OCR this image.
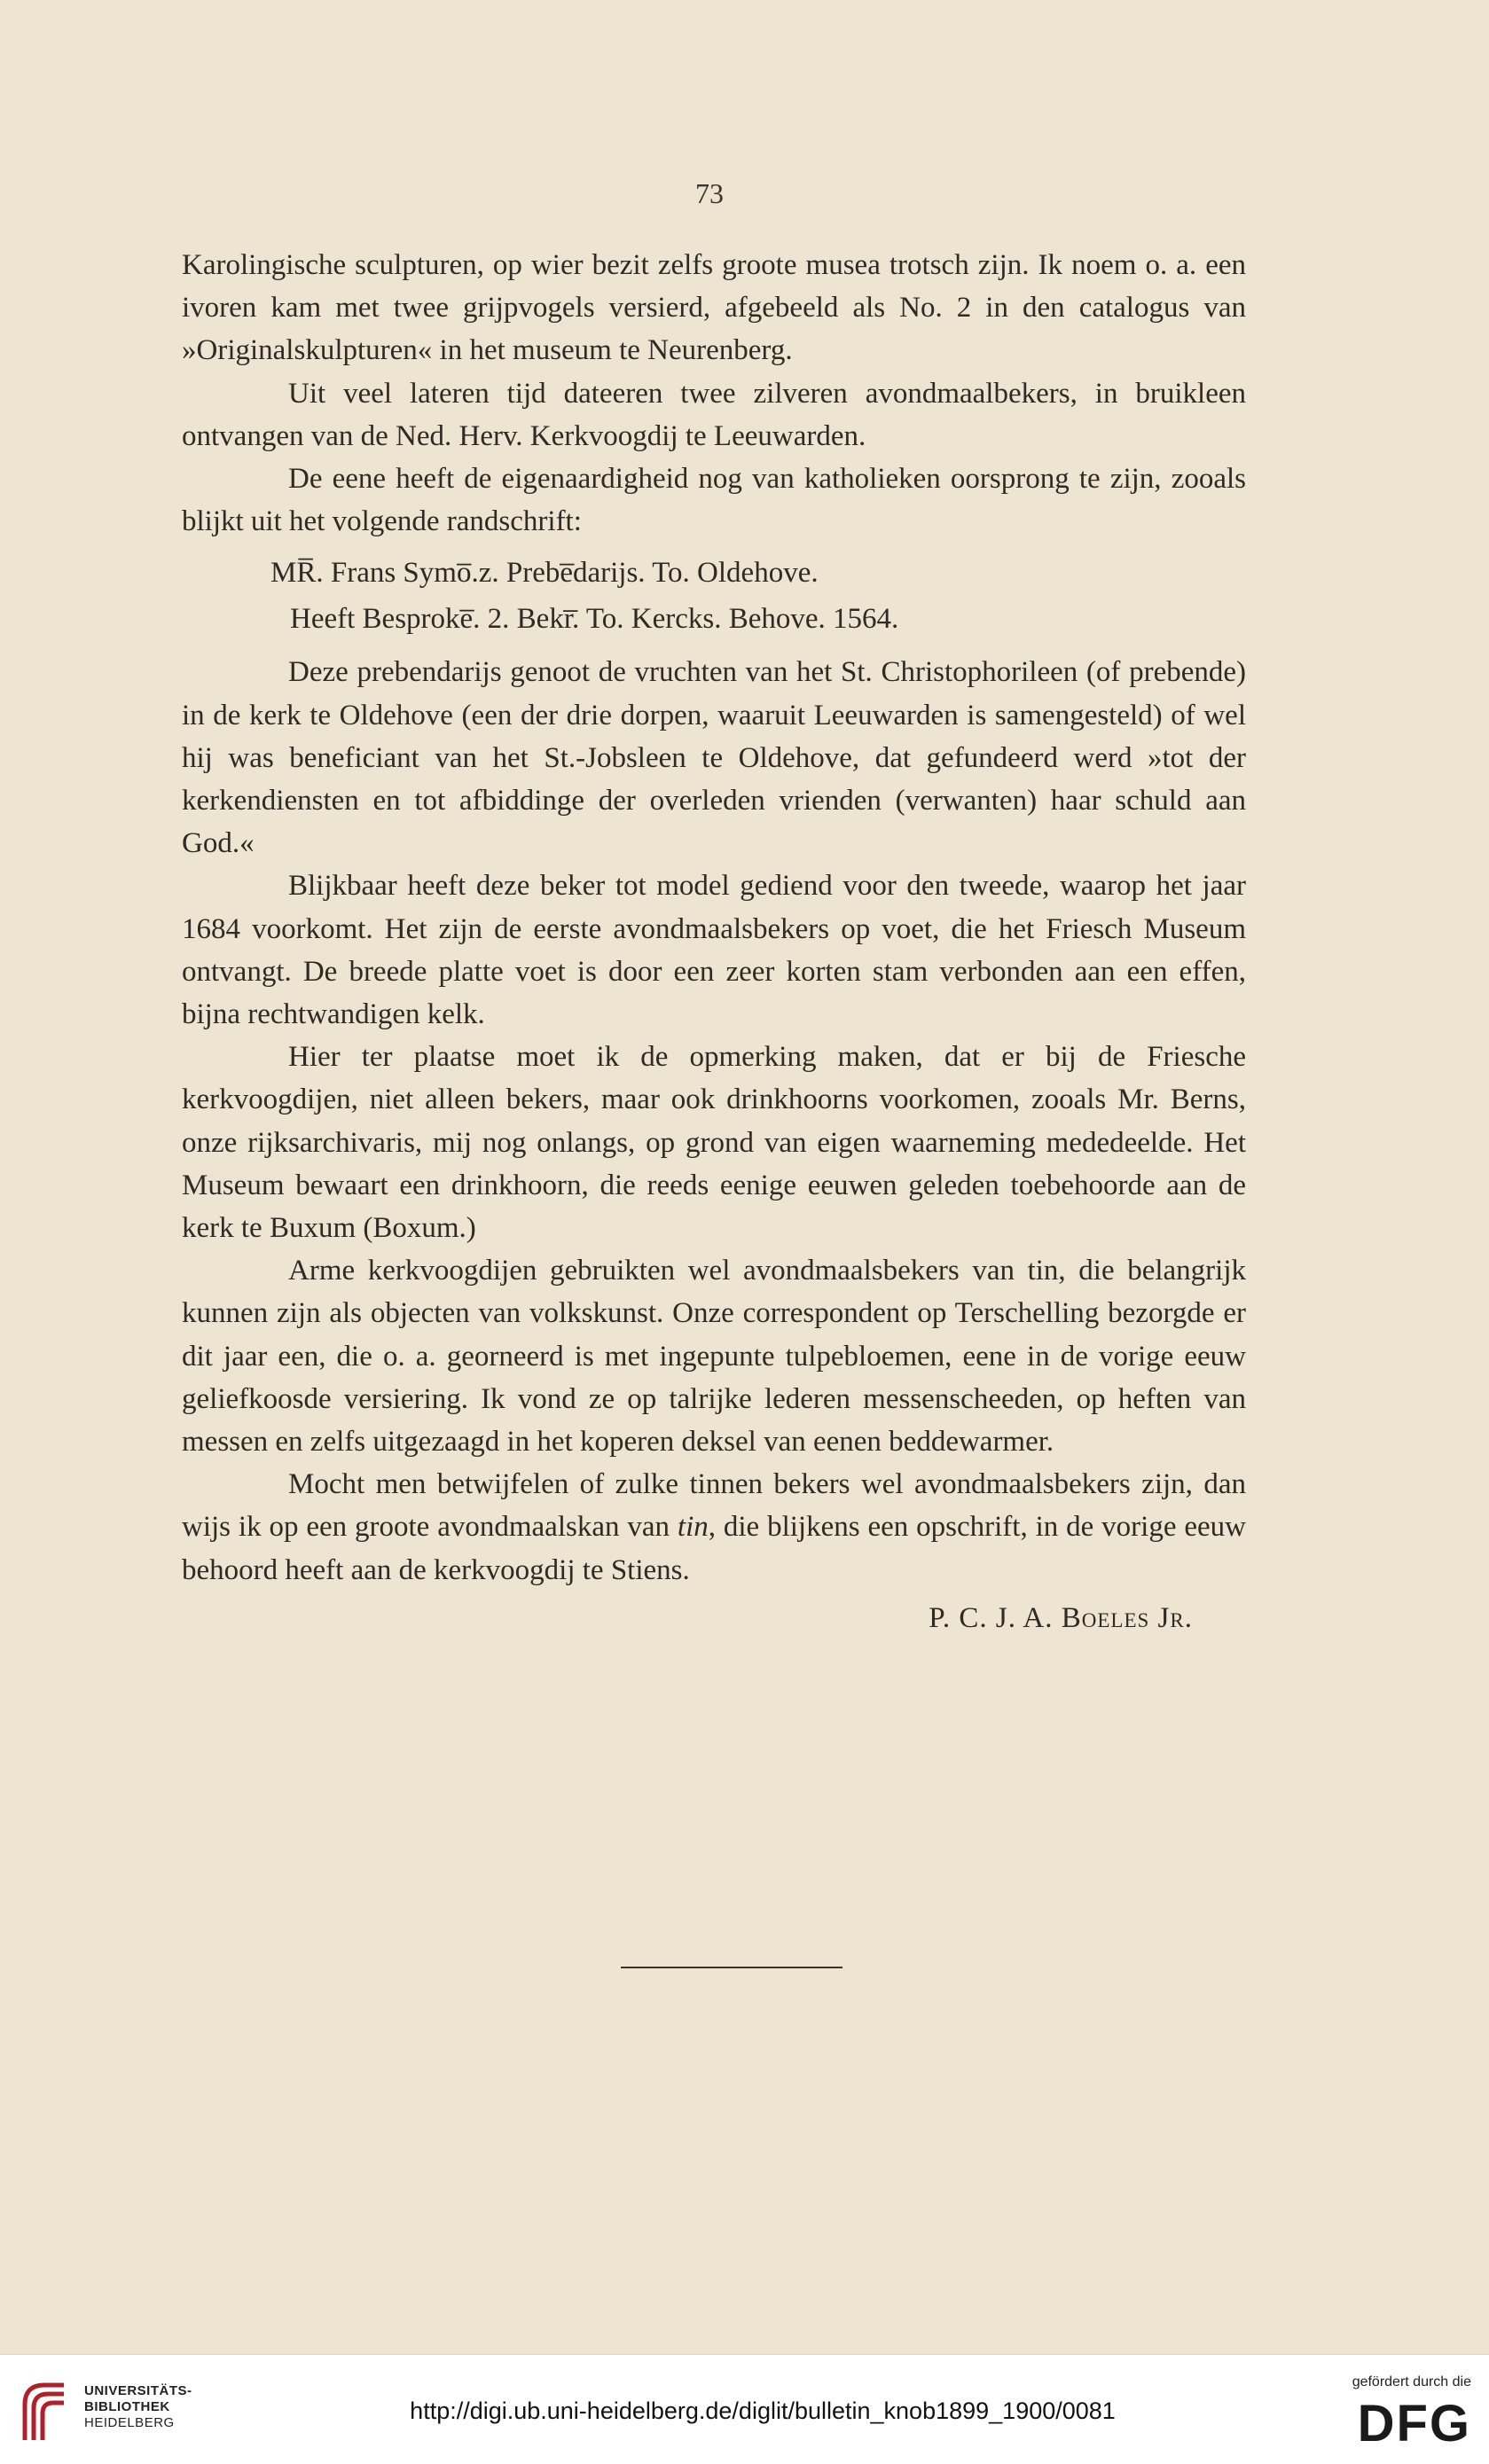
73

Karolingische sculpturen, op wier bezit zelfs groote musea trotsch zijn. Ik noem o. a. een ivoren kam met twee grijpvogels versierd, afgebeeld als No. 2 in den catalogus van »Originalskulpturen« in het museum te Neurenberg.

Uit veel lateren tijd dateeren twee zilveren avondmaalbekers, in bruikleen ontvangen van de Ned. Herv. Kerkvoogdij te Leeuwarden.

De eene heeft de eigenaardigheid nog van katholieken oorsprong te zijn, zooals blijkt uit het volgende randschrift:

MR̅. Frans Symo̅.z. Prebe̅darijs. To. Oldehove.
Heeft Besproke̅. 2. Bekr̅. To. Kercks. Behove. 1564.

Deze prebendarijs genoot de vruchten van het St. Christophorileen (of prebende) in de kerk te Oldehove (een der drie dorpen, waaruit Leeuwarden is samengesteld) of wel hij was beneficiant van het St.-Jobsleen te Oldehove, dat gefundeerd werd »tot der kerkendiensten en tot afbiddinge der overleden vrienden (verwanten) haar schuld aan God.«

Blijkbaar heeft deze beker tot model gediend voor den tweede, waarop het jaar 1684 voorkomt. Het zijn de eerste avondmaalsbekers op voet, die het Friesch Museum ontvangt. De breede platte voet is door een zeer korten stam verbonden aan een effen, bijna rechtwandigen kelk.

Hier ter plaatse moet ik de opmerking maken, dat er bij de Friesche kerkvoogdijen, niet alleen bekers, maar ook drinkhoorns voorkomen, zooals Mr. Berns, onze rijksarchivaris, mij nog onlangs, op grond van eigen waarneming mededeelde. Het Museum bewaart een drinkhoorn, die reeds eenige eeuwen geleden toebehoorde aan de kerk te Buxum (Boxum.)

Arme kerkvoogdijen gebruikten wel avondmaalsbekers van tin, die belangrijk kunnen zijn als objecten van volkskunst. Onze correspondent op Terschelling bezorgde er dit jaar een, die o. a. georneerd is met ingepunte tulpebloemen, eene in de vorige eeuw geliefkoosde versiering. Ik vond ze op talrijke lederen messenscheeden, op heften van messen en zelfs uitgezaagd in het koperen deksel van eenen beddewarmer.

Mocht men betwijfelen of zulke tinnen bekers wel avondmaalsbekers zijn, dan wijs ik op een groote avondmaalskan van tin, die blijkens een opschrift, in de vorige eeuw behoord heeft aan de kerkvoogdij te Stiens.

P. C. J. A. Boeles Jr.
UNIVERSITÄTS-
BIBLIOTHEK
HEIDELBERG	http://digi.ub.uni-heidelberg.de/diglit/bulletin_knob1899_1900/0081
gefördert durch die
DFG
